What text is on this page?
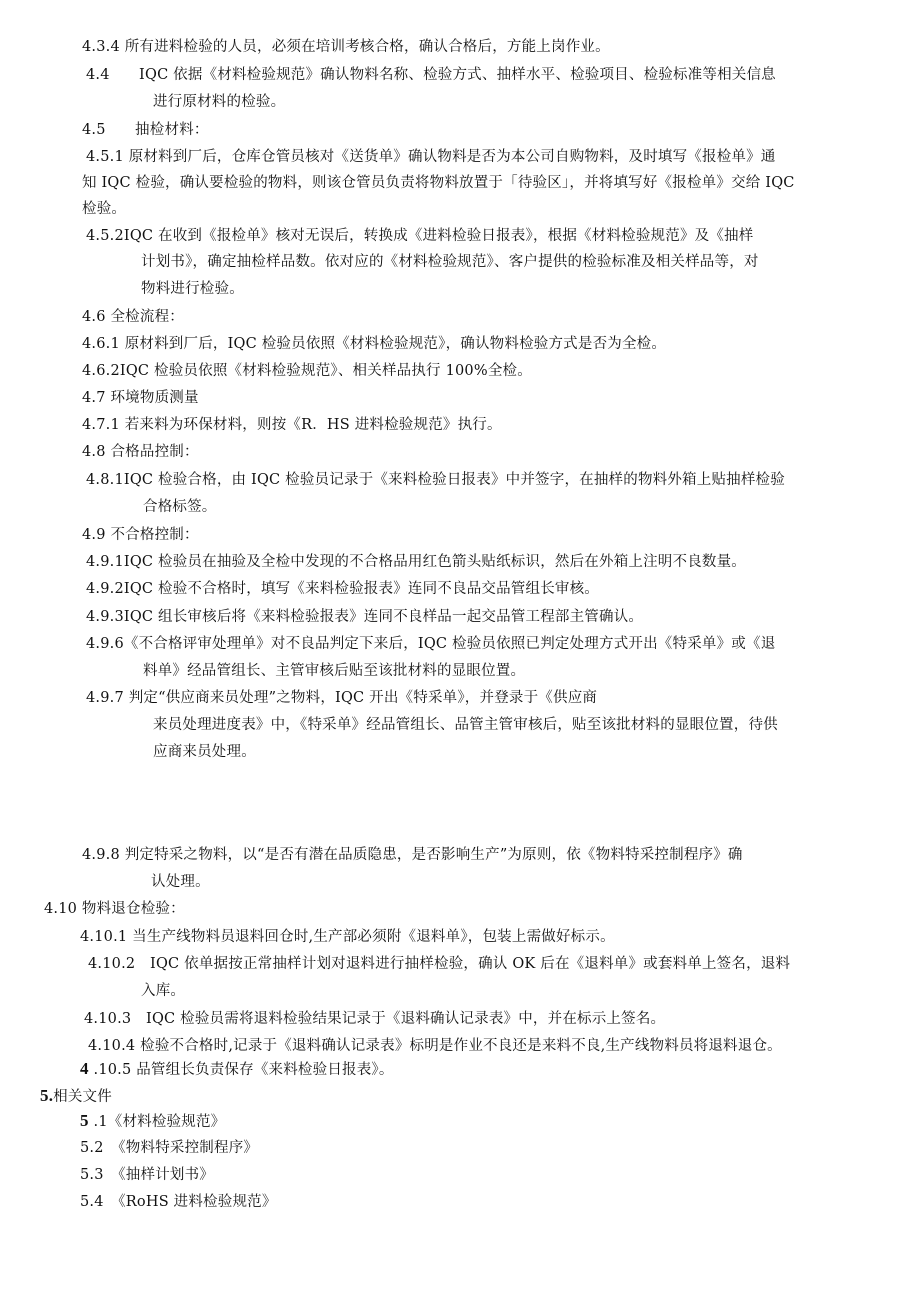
4.3.4 所有进料检验的人员，必须在培训考核合格，确认合格后，方能上岗作业。

4.4　　IQC 依据《材料检验规范》确认物料名称、检验方式、抽样水平、检验项目、检验标准等相关信息

进行原材料的检验。

4.5　　抽检材料：

4.5.1 原材料到厂后，仓库仓管员核对《送货单》确认物料是否为本公司自购物料，及时填写《报检单》通

知 IQC 检验，确认要检验的物料，则该仓管员负责将物料放置于「待验区」，并将填写好《报检单》交给 IQC

检验。

4.5.2IQC 在收到《报检单》核对无误后，转换成《进料检验日报表》，根据《材料检验规范》及《抽样

计划书》，确定抽检样品数。依对应的《材料检验规范》、客户提供的检验标准及相关样品等，对

物料进行检验。

4.6 全检流程：

4.6.1 原材料到厂后，IQC 检验员依照《材料检验规范》，确认物料检验方式是否为全检。

4.6.2IQC 检验员依照《材料检验规范》、相关样品执行 100%全检。

4.7 环境物质测量

4.7.1 若来料为环保材料，则按《R．HS 进料检验规范》执行。

4.8 合格品控制：

4.8.1IQC 检验合格，由 IQC 检验员记录于《来料检验日报表》中并签字，在抽样的物料外箱上贴抽样检验

合格标签。

4.9 不合格控制：

4.9.1IQC 检验员在抽验及全检中发现的不合格品用红色箭头贴纸标识，然后在外箱上注明不良数量。

4.9.2IQC 检验不合格时，填写《来料检验报表》连同不良品交品管组长审核。

4.9.3IQC 组长审核后将《来料检验报表》连同不良样品一起交品管工程部主管确认。

4.9.6《不合格评审处理单》对不良品判定下来后，IQC 检验员依照已判定处理方式开出《特采单》或《退

料单》经品管组长、主管审核后贴至该批材料的显眼位置。

4.9.7 判定“供应商来员处理”之物料，IQC 开出《特采单》，并登录于《供应商

来员处理进度表》中，《特采单》经品管组长、品管主管审核后，贴至该批材料的显眼位置，待供

应商来员处理。

4.9.8 判定特采之物料，以“是否有潜在品质隐患，是否影响生产”为原则，依《物料特采控制程序》确

认处理。

4.10 物料退仓检验：

4.10.1 当生产线物料员退料回仓时,生产部必须附《退料单》，包装上需做好标示。

4.10.2　IQC 依单据按正常抽样计划对退料进行抽样检验，确认 OK 后在《退料单》或套料单上签名，退料

入库。

4.10.3　IQC 检验员需将退料检验结果记录于《退料确认记录表》中，并在标示上签名。

4.10.4 检验不合格时,记录于《退料确认记录表》标明是作业不良还是来料不良,生产线物料员将退料退仓。

4 .10.5 品管组长负责保存《来料检验日报表》。

5.相关文件

5 .1《材料检验规范》

5.2　《物料特采控制程序》

5.3　《抽样计划书》

5.4　《RoHS 进料检验规范》
